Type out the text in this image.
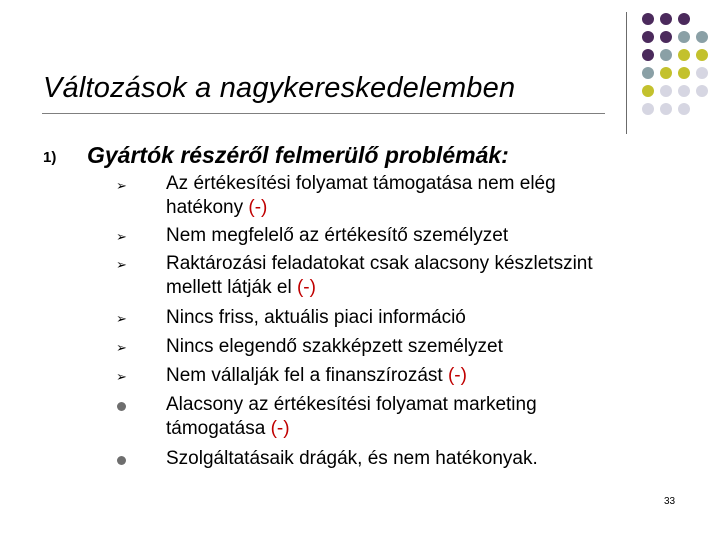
Változások a nagykereskedelemben
1) Gyártók részéről felmerülő problémák:
➢ Az értékesítési folyamat támogatása nem elég
hatékony (-)
➢ Nem megfelelő az értékesítő személyzet
➢ Raktározási feladatokat csak alacsony készletszint
mellett látják el (-)
➢ Nincs friss, aktuális piaci információ
➢ Nincs elegendő szakképzett személyzet
➢ Nem vállalják fel a finanszírozást (-)
Alacsony az értékesítési folyamat marketing
támogatása (-)
Szolgáltatásaik drágák, és nem hatékonyak.
33
